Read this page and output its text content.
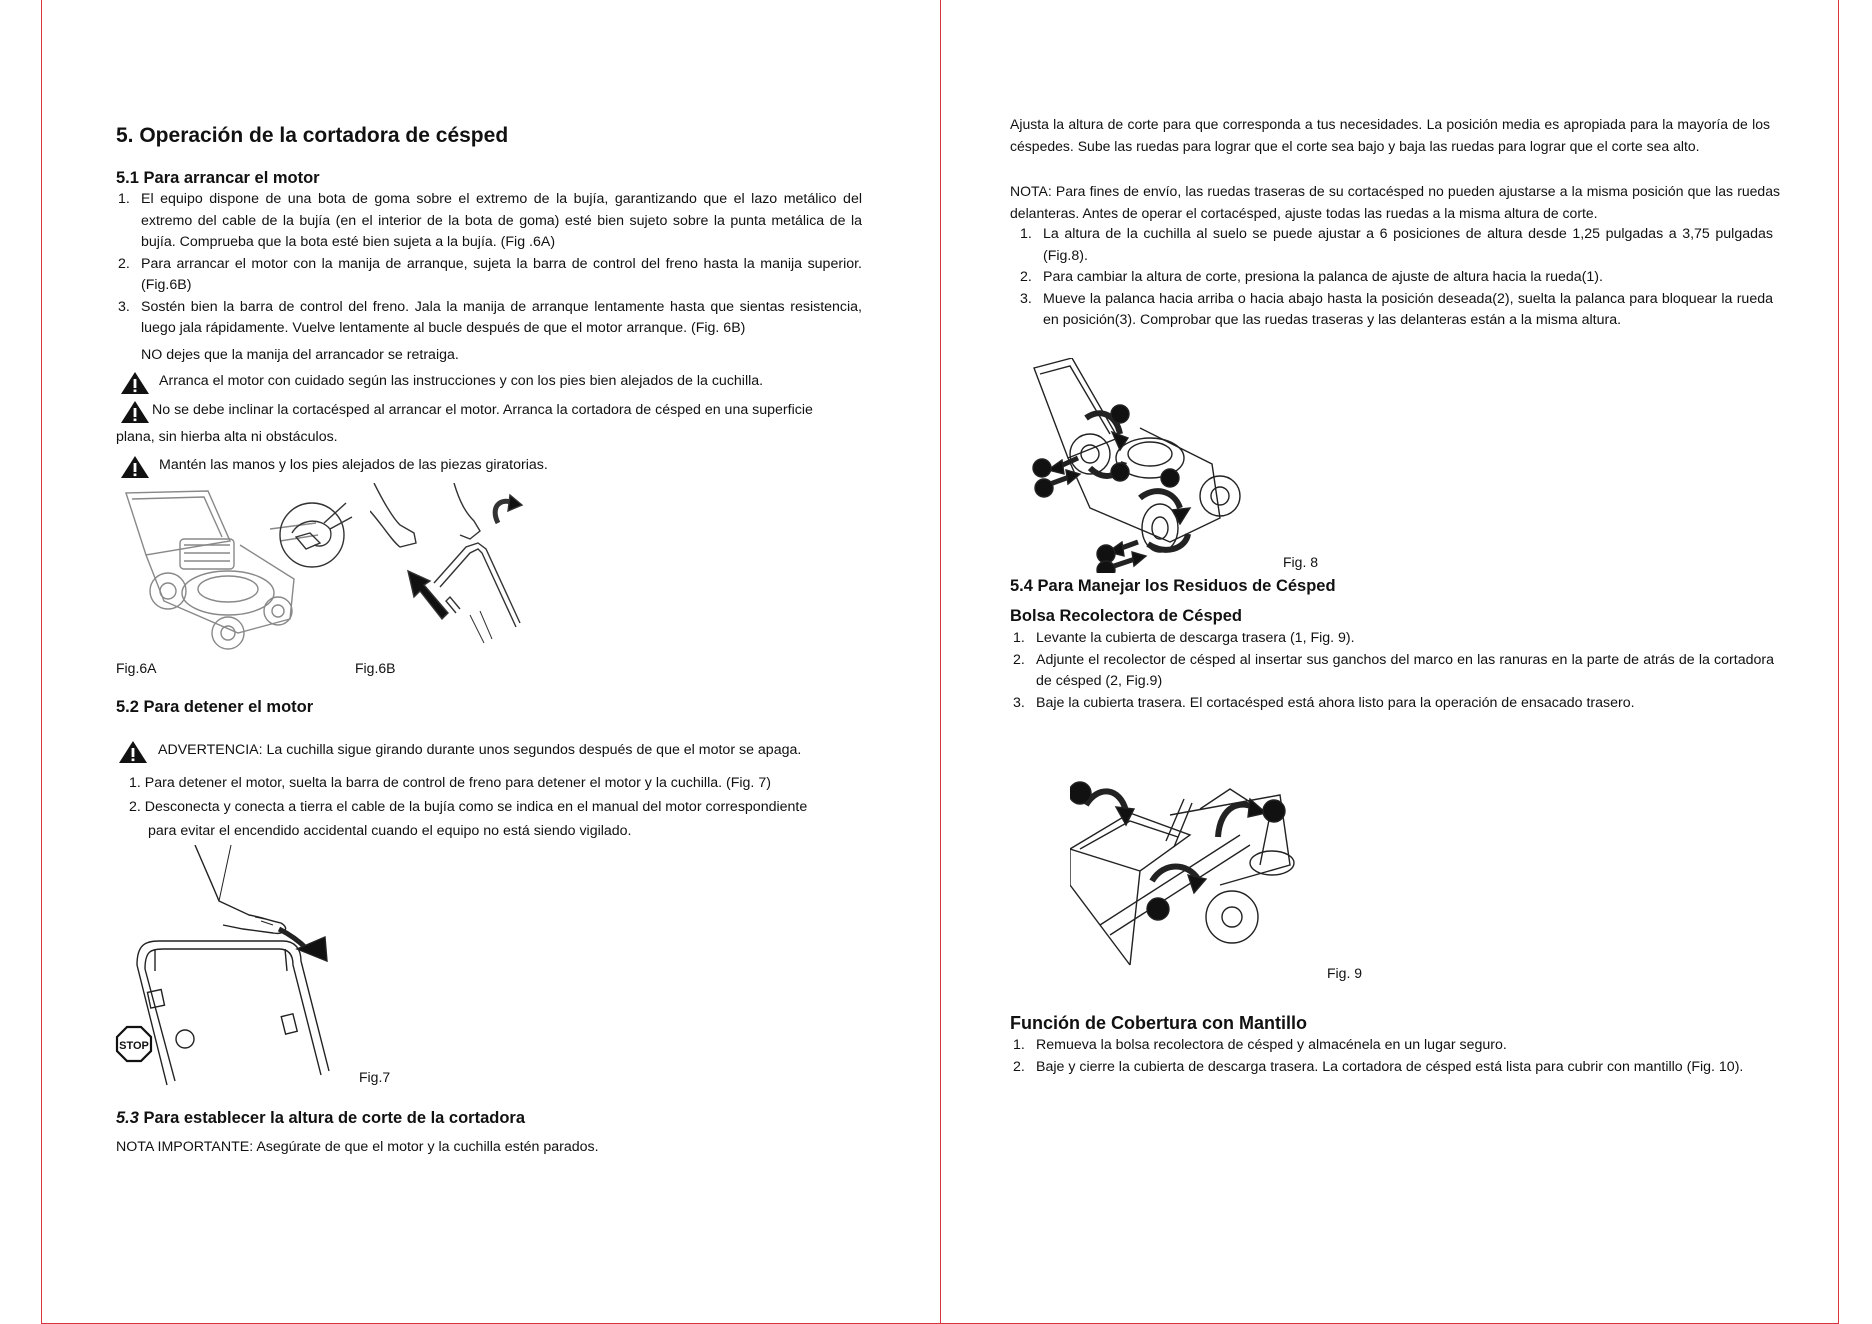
5. Operación de la cortadora de césped
5.1 Para arrancar el motor
1. El equipo dispone de una bota de goma sobre el extremo de la bujía, garantizando que el lazo metálico del extremo del cable de la bujía (en el interior de la bota de goma) esté bien sujeto sobre la punta metálica de la bujía. Comprueba que la bota esté bien sujeta a la bujía. (Fig .6A)
2. Para arrancar el motor con la manija de arranque, sujeta la barra de control del freno hasta la manija superior. (Fig.6B)
3. Sostén bien la barra de control del freno. Jala la manija de arranque lentamente hasta que sientas resistencia, luego jala rápidamente. Vuelve lentamente al bucle después de que el motor arranque. (Fig. 6B)
NO dejes que la manija del arrancador se retraiga.
Arranca el motor con cuidado según las instrucciones y con los pies bien alejados de la cuchilla.
No se debe inclinar la cortacésped al arrancar el motor. Arranca la cortadora de césped en una superficie
plana, sin hierba alta ni obstáculos.
Mantén las manos y los pies alejados de las piezas giratorias.
Fig.6A	Fig.6B
5.2 Para detener el motor
ADVERTENCIA: La cuchilla sigue girando durante unos segundos después de que el motor se apaga.
1. Para detener el motor, suelta la barra de control de freno para detener el motor y la cuchilla. (Fig. 7)
2. Desconecta y conecta a tierra el cable de la bujía como se indica en el manual del motor correspondiente
para evitar el encendido accidental cuando el equipo no está siendo vigilado.
STOP
Fig.7
5.3 Para establecer la altura de corte de la cortadora
NOTA IMPORTANTE: Asegúrate de que el motor y la cuchilla estén parados.
Ajusta la altura de corte para que corresponda a tus necesidades. La posición media es apropiada para la mayoría de los céspedes. Sube las ruedas para lograr que el corte sea bajo y baja las ruedas para lograr que el corte sea alto.
NOTA: Para fines de envío, las ruedas traseras de su cortacésped no pueden ajustarse a la misma posición que las ruedas delanteras. Antes de operar el cortacésped, ajuste todas las ruedas a la misma altura de corte.
1. La altura de la cuchilla al suelo se puede ajustar a 6 posiciones de altura desde 1,25 pulgadas a 3,75 pulgadas (Fig.8).
2. Para cambiar la altura de corte, presiona la palanca de ajuste de altura hacia la rueda(1).
3. Mueve la palanca hacia arriba o hacia abajo hasta la posición deseada(2), suelta la palanca para bloquear la rueda en posición(3). Comprobar que las ruedas traseras y las delanteras están a la misma altura.
Fig. 8
5.4 Para Manejar los Residuos de Césped
Bolsa Recolectora de Césped
1. Levante la cubierta de descarga trasera (1, Fig. 9).
2. Adjunte el recolector de césped al insertar sus ganchos del marco en las ranuras en la parte de atrás de la cortadora de césped (2, Fig.9)
3. Baje la cubierta trasera. El cortacésped está ahora listo para la operación de ensacado trasero.
Fig. 9
Función de Cobertura con Mantillo
1. Remueva la bolsa recolectora de césped y almacénela en un lugar seguro.
2. Baje y cierre la cubierta de descarga trasera. La cortadora de césped está lista para cubrir con mantillo (Fig. 10).
